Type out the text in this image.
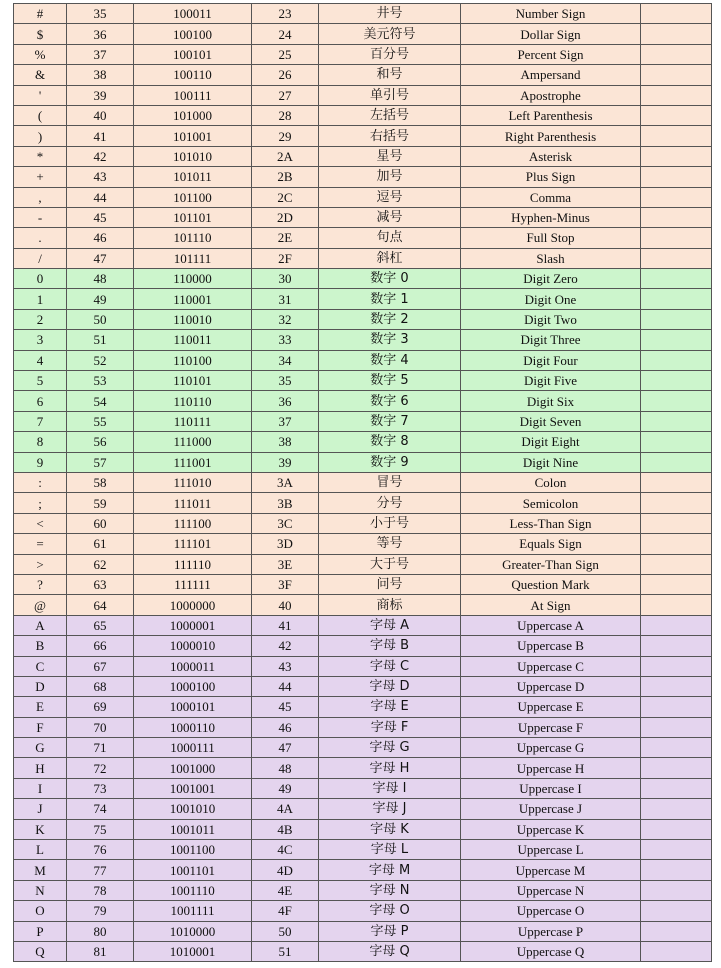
#	35	100011	23	井号	Number Sign	
$	36	100100	24	美元符号	Dollar Sign	
%	37	100101	25	百分号	Percent Sign	
&	38	100110	26	和号	Ampersand	
'	39	100111	27	单引号	Apostrophe	
(	40	101000	28	左括号	Left Parenthesis	
)	41	101001	29	右括号	Right Parenthesis	
*	42	101010	2A	星号	Asterisk	
+	43	101011	2B	加号	Plus Sign	
,	44	101100	2C	逗号	Comma	
-	45	101101	2D	减号	Hyphen-Minus	
.	46	101110	2E	句点	Full Stop	
/	47	101111	2F	斜杠	Slash	
0	48	110000	30	数字 0	Digit Zero	
1	49	110001	31	数字 1	Digit One	
2	50	110010	32	数字 2	Digit Two	
3	51	110011	33	数字 3	Digit Three	
4	52	110100	34	数字 4	Digit Four	
5	53	110101	35	数字 5	Digit Five	
6	54	110110	36	数字 6	Digit Six	
7	55	110111	37	数字 7	Digit Seven	
8	56	111000	38	数字 8	Digit Eight	
9	57	111001	39	数字 9	Digit Nine	
:	58	111010	3A	冒号	Colon	
;	59	111011	3B	分号	Semicolon	
<	60	111100	3C	小于号	Less-Than Sign	
=	61	111101	3D	等号	Equals Sign	
>	62	111110	3E	大于号	Greater-Than Sign	
?	63	111111	3F	问号	Question Mark	
@	64	1000000	40	商标	At Sign	
A	65	1000001	41	字母 A	Uppercase A	
B	66	1000010	42	字母 B	Uppercase B	
C	67	1000011	43	字母 C	Uppercase C	
D	68	1000100	44	字母 D	Uppercase D	
E	69	1000101	45	字母 E	Uppercase E	
F	70	1000110	46	字母 F	Uppercase F	
G	71	1000111	47	字母 G	Uppercase G	
H	72	1001000	48	字母 H	Uppercase H	
I	73	1001001	49	字母 I	Uppercase I	
J	74	1001010	4A	字母 J	Uppercase J	
K	75	1001011	4B	字母 K	Uppercase K	
L	76	1001100	4C	字母 L	Uppercase L	
M	77	1001101	4D	字母 M	Uppercase M	
N	78	1001110	4E	字母 N	Uppercase N	
O	79	1001111	4F	字母 O	Uppercase O	
P	80	1010000	50	字母 P	Uppercase P	
Q	81	1010001	51	字母 Q	Uppercase Q	
